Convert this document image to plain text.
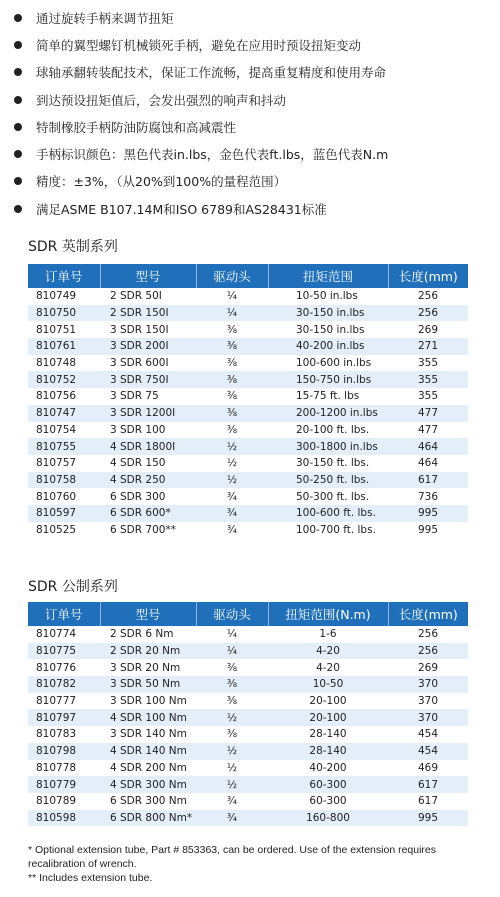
通过旋转手柄来调节扭矩
简单的翼型螺钉机械锁死手柄，避免在应用时预设扭矩变动
球轴承翻转装配技术，保证工作流畅，提高重复精度和使用寿命
到达预设扭矩值后，会发出强烈的响声和抖动
特制橡胶手柄防油防腐蚀和高减震性
手柄标识颜色：黑色代表in.lbs，金色代表ft.lbs，蓝色代表N.m
精度：±3%，（从20%到100%的量程范围）
满足ASME B107.14M和ISO 6789和AS28431标准
SDR 英制系列
订单号	型号	驱动头	扭矩范围	长度(mm)
810749	2 SDR 50I	¼	10-50 in.lbs	256
810750	2 SDR 150I	¼	30-150 in.lbs	256
810751	3 SDR 150I	⅜	30-150 in.lbs	269
810761	3 SDR 200I	⅜	40-200 in.lbs	271
810748	3 SDR 600I	⅜	100-600 in.lbs	355
810752	3 SDR 750I	⅜	150-750 in.lbs	355
810756	3 SDR 75	⅜	15-75 ft. lbs	355
810747	3 SDR 1200I	⅜	200-1200 in.lbs	477
810754	3 SDR 100	⅜	20-100 ft. lbs.	477
810755	4 SDR 1800I	½	300-1800 in.lbs	464
810757	4 SDR 150	½	30-150 ft. lbs.	464
810758	4 SDR 250	½	50-250 ft. lbs.	617
810760	6 SDR 300	¾	50-300 ft. lbs.	736
810597	6 SDR 600*	¾	100-600 ft. lbs.	995
810525	6 SDR 700**	¾	100-700 ft. lbs.	995
SDR 公制系列
订单号	型号	驱动头	扭矩范围(N.m)	长度(mm)
810774	2 SDR 6 Nm	¼	1-6	256
810775	2 SDR 20 Nm	¼	4-20	256
810776	3 SDR 20 Nm	⅜	4-20	269
810782	3 SDR 50 Nm	⅜	10-50	370
810777	3 SDR 100 Nm	⅜	20-100	370
810797	4 SDR 100 Nm	½	20-100	370
810783	3 SDR 140 Nm	⅜	28-140	454
810798	4 SDR 140 Nm	½	28-140	454
810778	4 SDR 200 Nm	½	40-200	469
810779	4 SDR 300 Nm	½	60-300	617
810789	6 SDR 300 Nm	¾	60-300	617
810598	6 SDR 800 Nm*	¾	160-800	995
* Optional extension tube, Part # 853363, can be ordered. Use of the extension requires recalibration of wrench.
** Includes extension tube.
